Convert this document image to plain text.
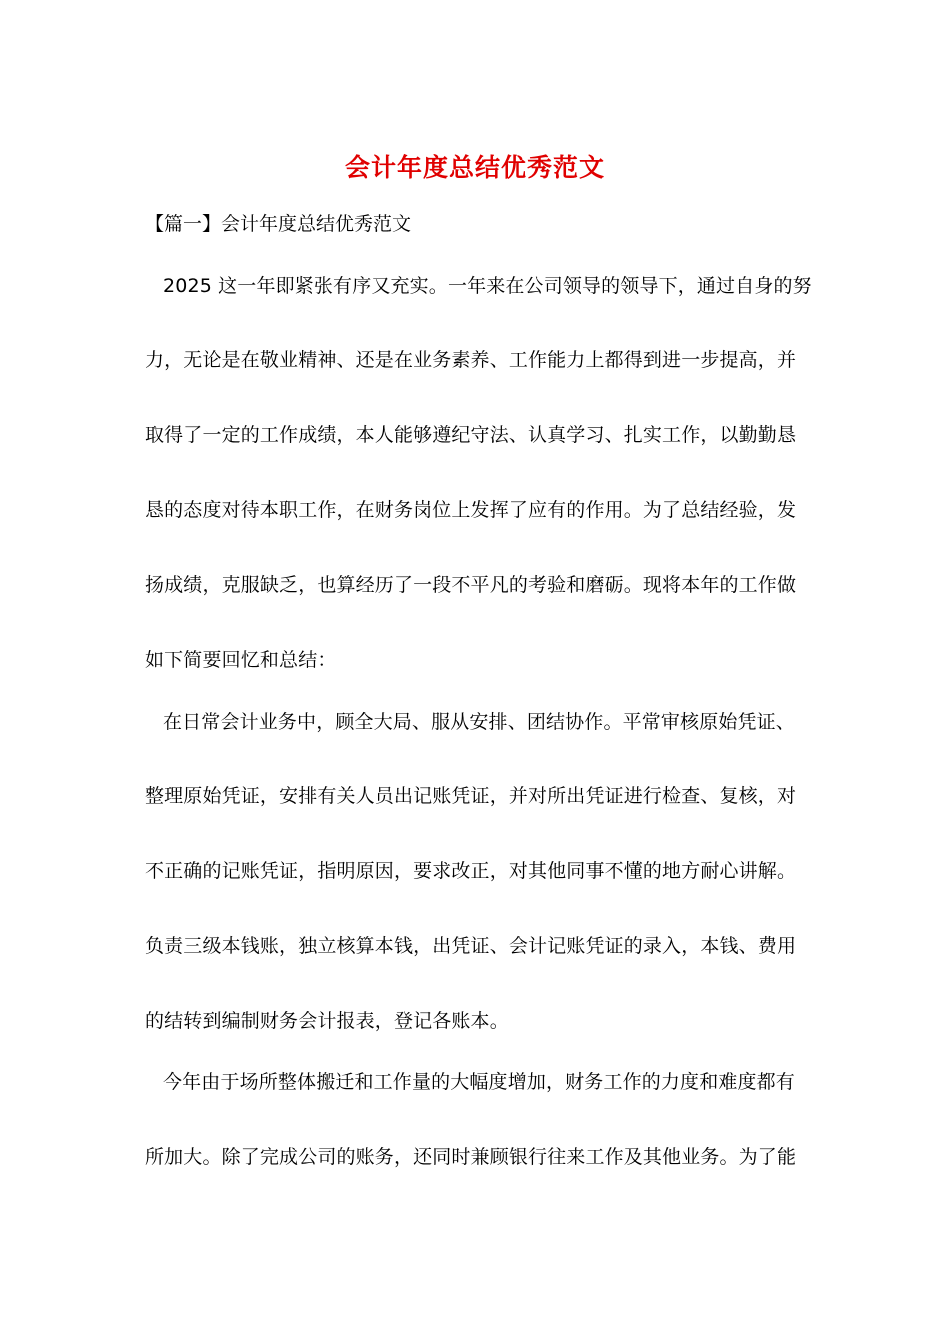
会计年度总结优秀范文
【篇一】会计年度总结优秀范文
2025 这一年即紧张有序又充实。一年来在公司领导的领导下，通过自身的努
力，无论是在敬业精神、还是在业务素养、工作能力上都得到进一步提高，并
取得了一定的工作成绩，本人能够遵纪守法、认真学习、扎实工作，以勤勤恳
恳的态度对待本职工作，在财务岗位上发挥了应有的作用。为了总结经验，发
扬成绩，克服缺乏，也算经历了一段不平凡的考验和磨砺。现将本年的工作做
如下简要回忆和总结：
在日常会计业务中，顾全大局、服从安排、团结协作。平常审核原始凭证、
整理原始凭证，安排有关人员出记账凭证，并对所出凭证进行检查、复核，对
不正确的记账凭证，指明原因，要求改正，对其他同事不懂的地方耐心讲解。
负责三级本钱账，独立核算本钱，出凭证、会计记账凭证的录入，本钱、费用
的结转到编制财务会计报表，登记各账本。
今年由于场所整体搬迁和工作量的大幅度增加，财务工作的力度和难度都有
所加大。除了完成公司的账务，还同时兼顾银行往来工作及其他业务。为了能
